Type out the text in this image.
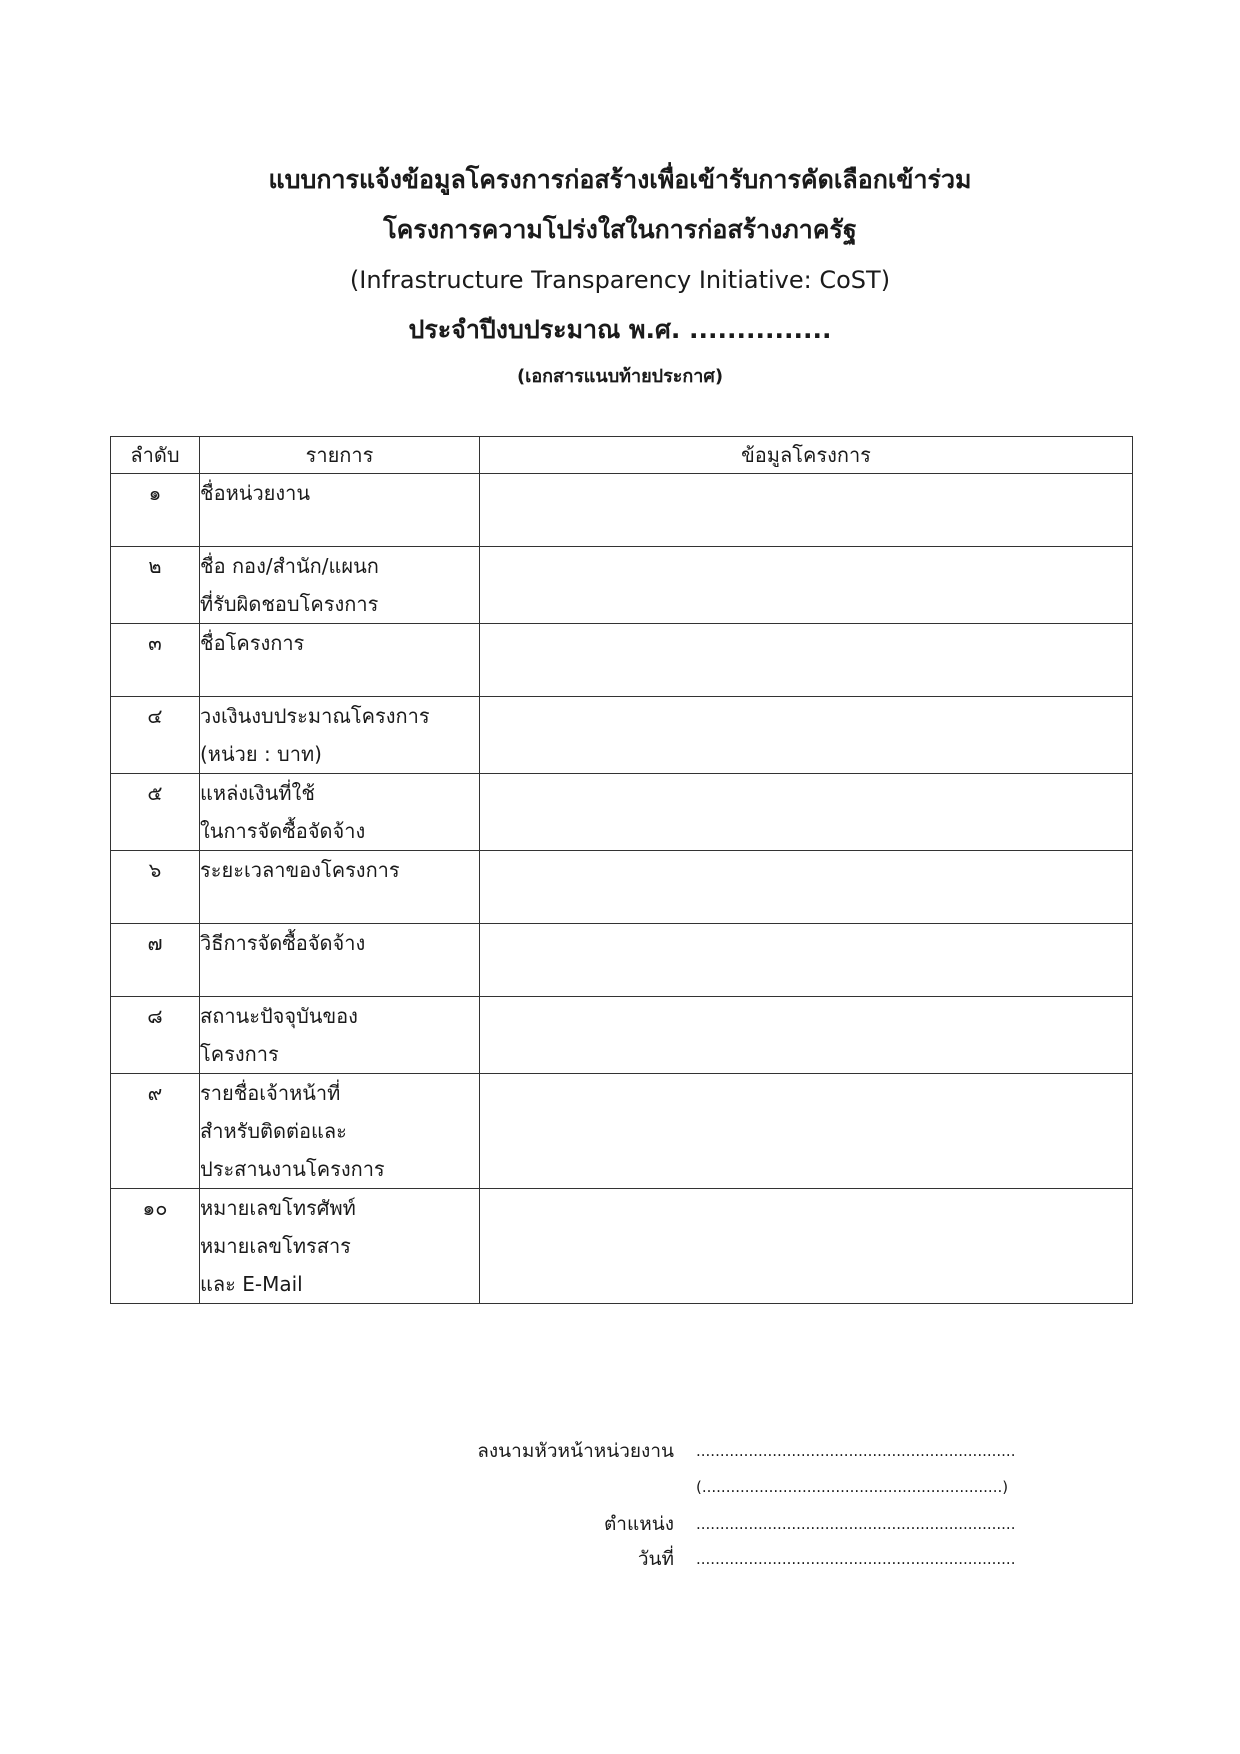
แบบการแจ้งข้อมูลโครงการก่อสร้างเพื่อเข้ารับการคัดเลือกเข้าร่วม
โครงการความโปร่งใสในการก่อสร้างภาครัฐ
(Infrastructure Transparency Initiative: CoST)
ประจำปีงบประมาณ พ.ศ. ...............
(เอกสารแนบท้ายประกาศ)
ลำดับ	รายการ	ข้อมูลโครงการ
๑	ชื่อหน่วยงาน	

๒	ชื่อ กอง/สำนัก/แผนก
ที่รับผิดชอบโครงการ	

๓	ชื่อโครงการ	

๔	วงเงินงบประมาณโครงการ
(หน่วย : บาท)	

๕	แหล่งเงินที่ใช้
ในการจัดซื้อจัดจ้าง	

๖	ระยะเวลาของโครงการ	

๗	วิธีการจัดซื้อจัดจ้าง	

๘	สถานะปัจจุบันของ
โครงการ	

๙	รายชื่อเจ้าหน้าที่
สำหรับติดต่อและ
ประสานงานโครงการ	

๑๐	หมายเลขโทรศัพท์
หมายเลขโทรสาร
และ E-Mail	

ลงนามหัวหน้าหน่วยงาน ...................................................................
(...............................................................)
ตำแหน่ง ...................................................................
วันที่ ...................................................................
